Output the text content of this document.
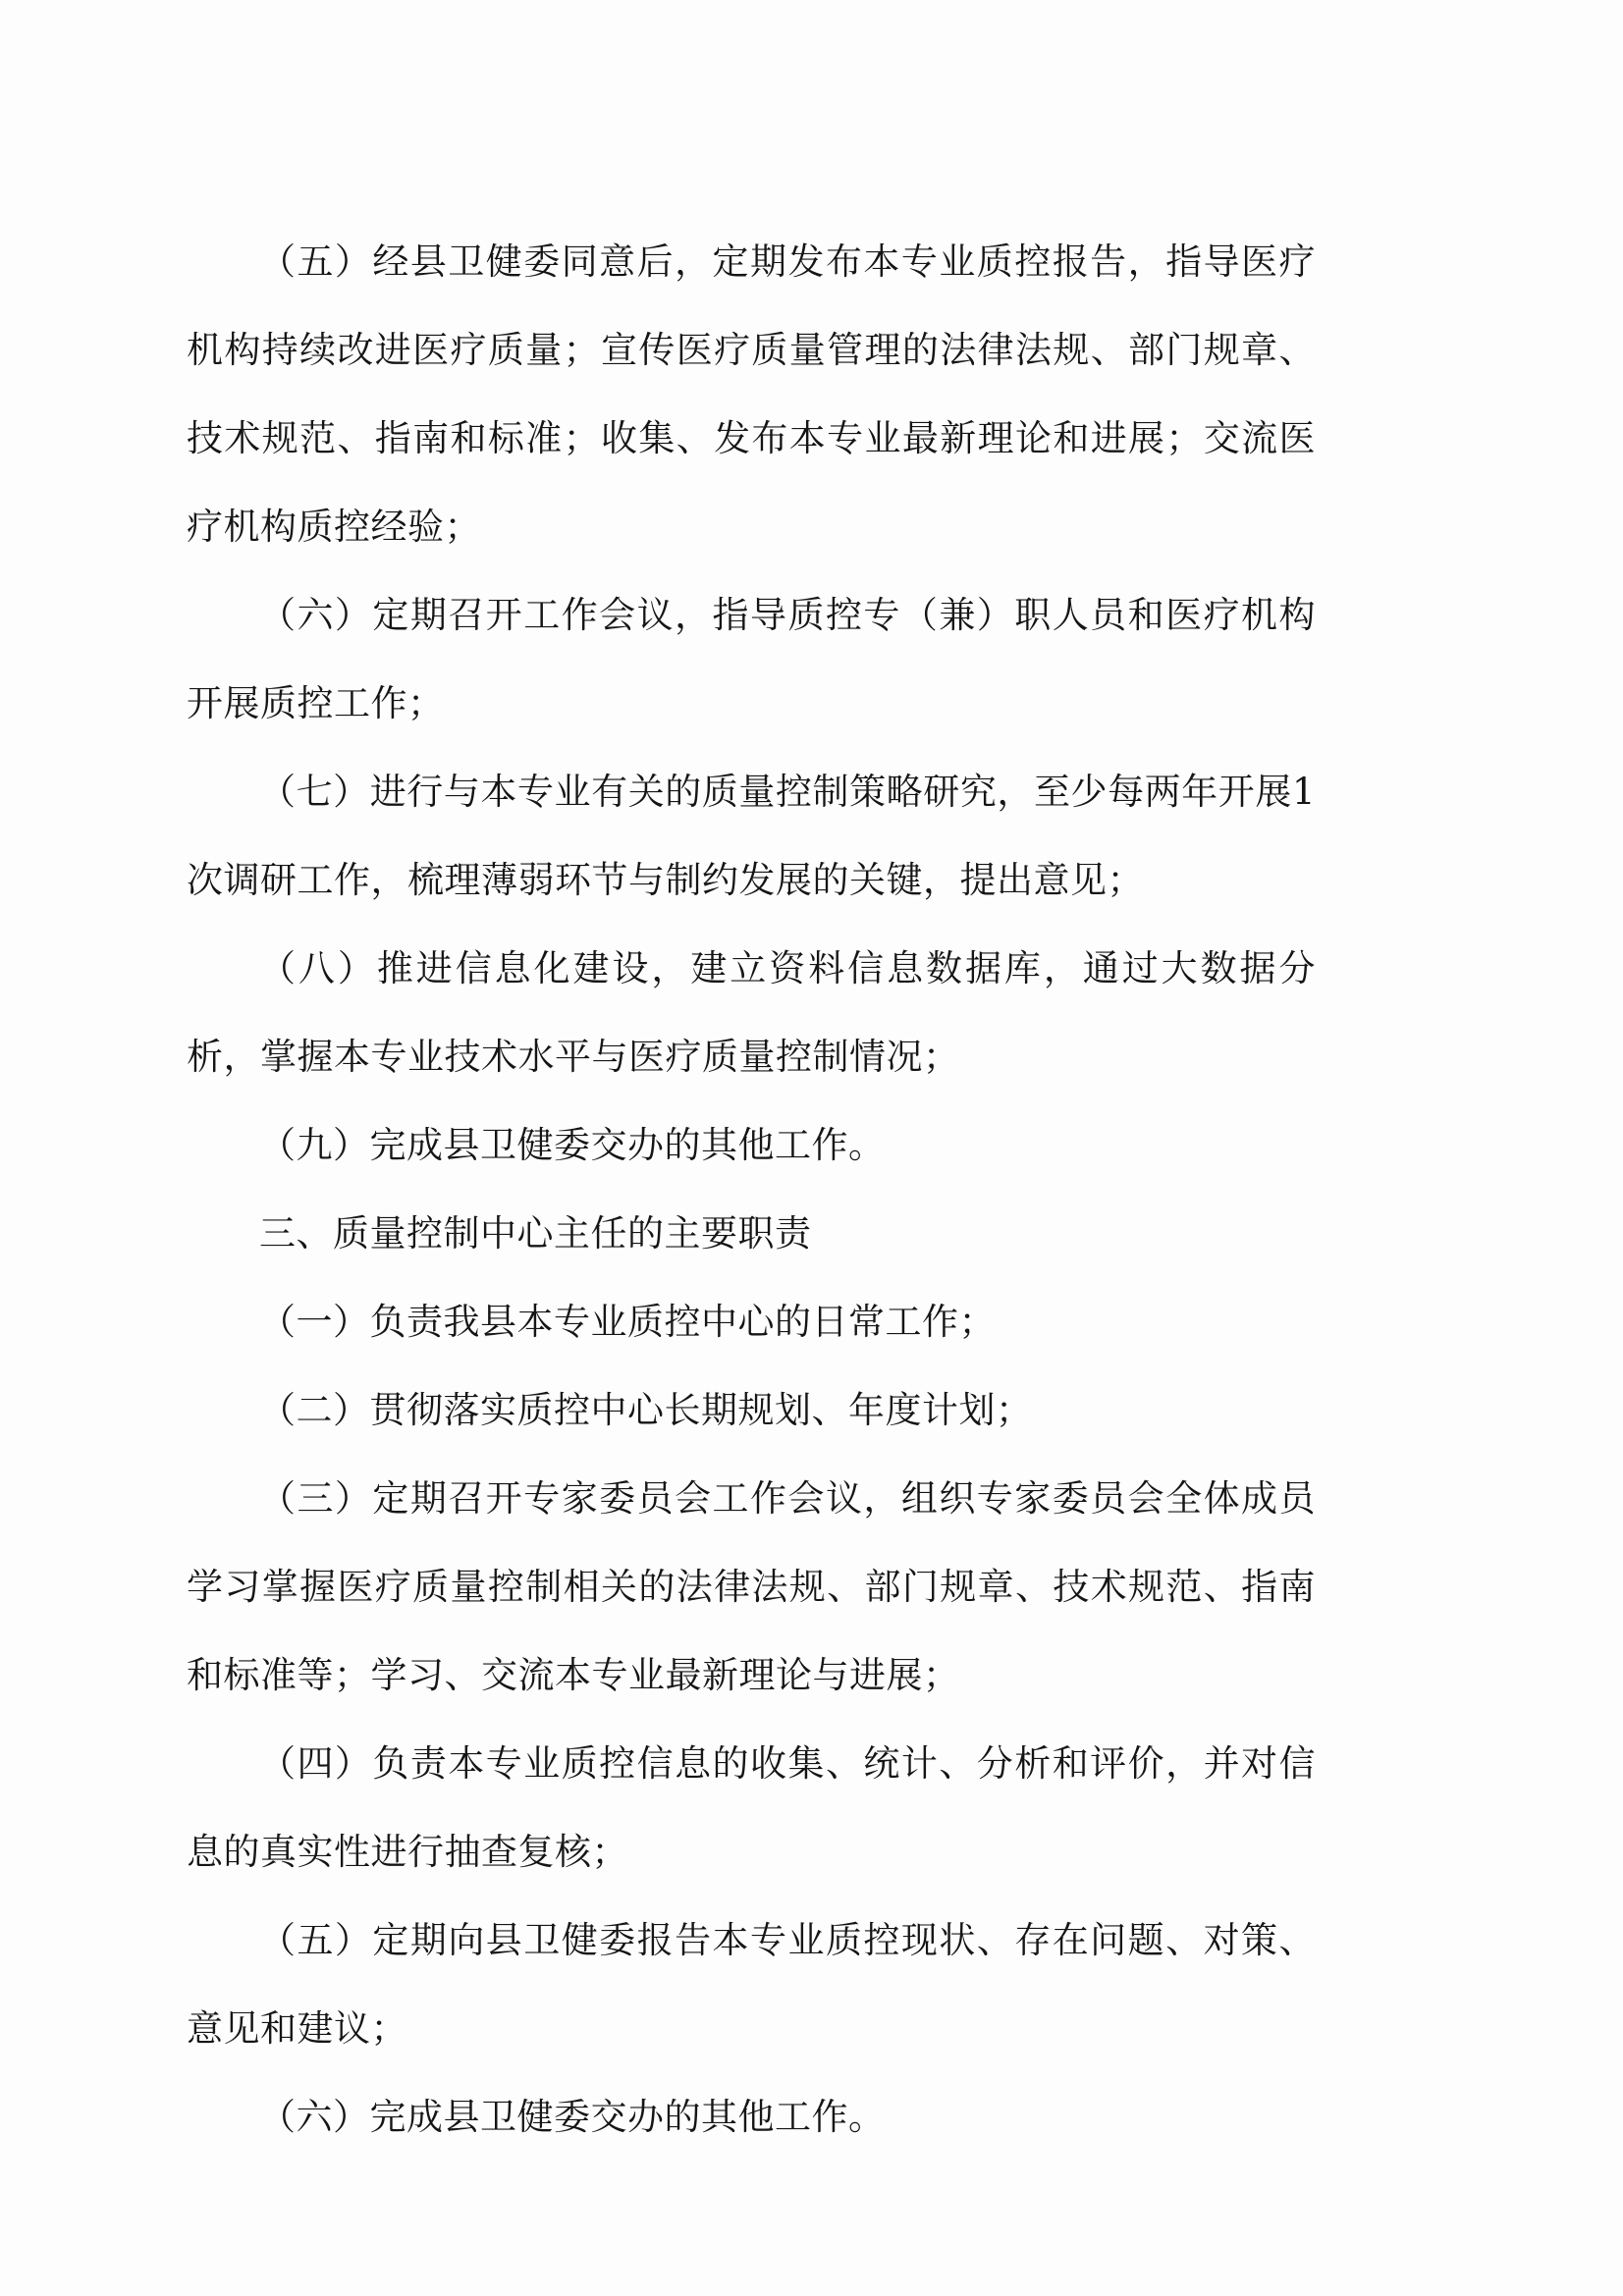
（五）经县卫健委同意后，定期发布本专业质控报告，指导医疗机构持续改进医疗质量；宣传医疗质量管理的法律法规、部门规章、技术规范、指南和标准；收集、发布本专业最新理论和进展；交流医疗机构质控经验；

（六）定期召开工作会议，指导质控专（兼）职人员和医疗机构开展质控工作；

（七）进行与本专业有关的质量控制策略研究，至少每两年开展1次调研工作，梳理薄弱环节与制约发展的关键，提出意见；

（八）推进信息化建设，建立资料信息数据库，通过大数据分析，掌握本专业技术水平与医疗质量控制情况；

（九）完成县卫健委交办的其他工作。

三、质量控制中心主任的主要职责

（一）负责我县本专业质控中心的日常工作；

（二）贯彻落实质控中心长期规划、年度计划；

（三）定期召开专家委员会工作会议，组织专家委员会全体成员学习掌握医疗质量控制相关的法律法规、部门规章、技术规范、指南和标准等；学习、交流本专业最新理论与进展；

（四）负责本专业质控信息的收集、统计、分析和评价，并对信息的真实性进行抽查复核；

（五）定期向县卫健委报告本专业质控现状、存在问题、对策、意见和建议；

（六）完成县卫健委交办的其他工作。
